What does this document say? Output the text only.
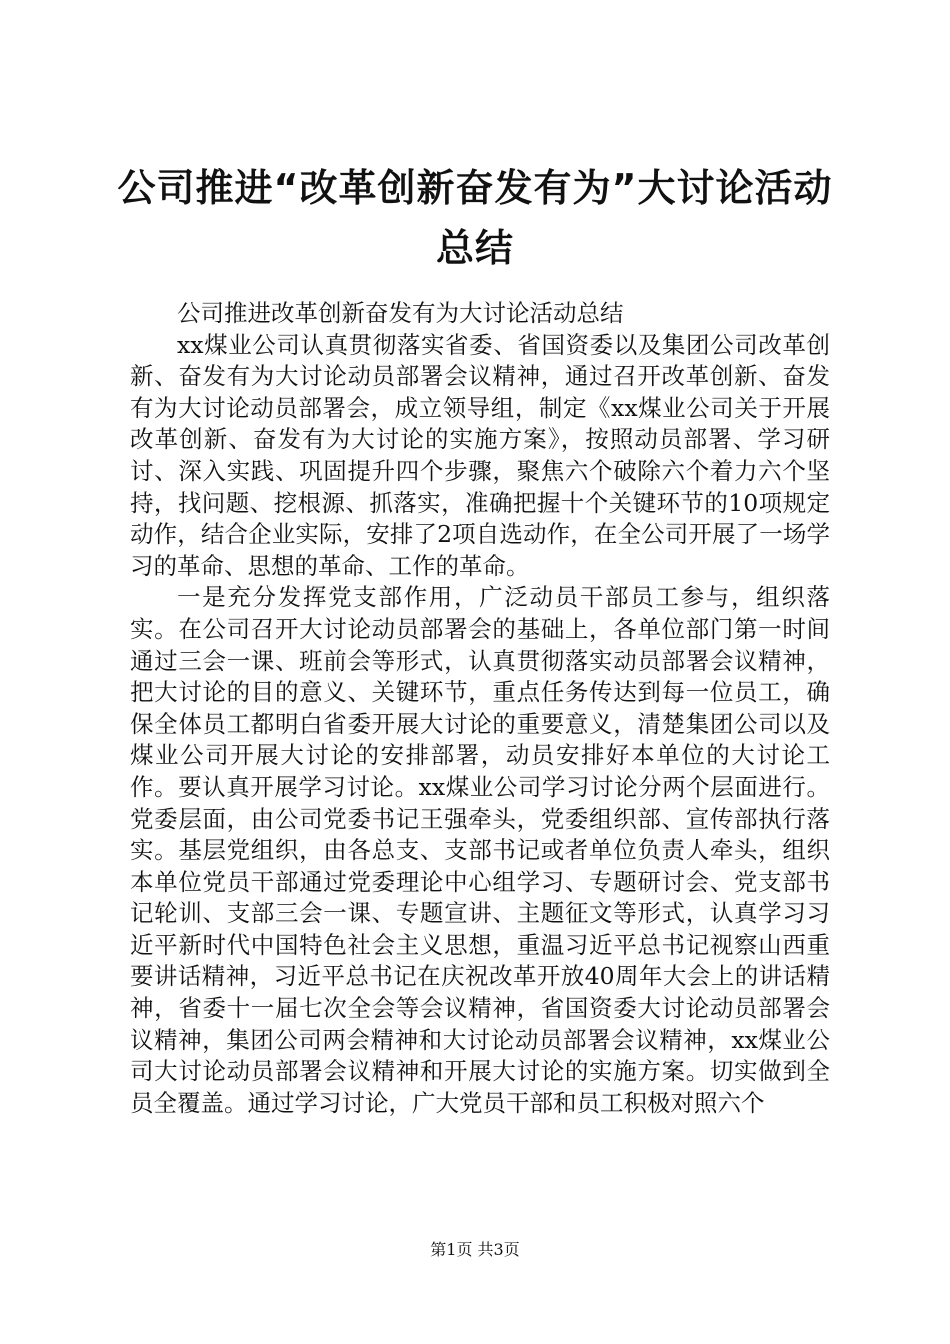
公司推进“改革创新奋发有为”大讨论活动总结

公司推进改革创新奋发有为大讨论活动总结

xx煤业公司认真贯彻落实省委、省国资委以及集团公司改革创新、奋发有为大讨论动员部署会议精神，通过召开改革创新、奋发有为大讨论动员部署会，成立领导组，制定《xx煤业公司关于开展改革创新、奋发有为大讨论的实施方案》，按照动员部署、学习研讨、深入实践、巩固提升四个步骤，聚焦六个破除六个着力六个坚持，找问题、挖根源、抓落实，准确把握十个关键环节的10项规定动作，结合企业实际，安排了2项自选动作，在全公司开展了一场学习的革命、思想的革命、工作的革命。

一是充分发挥党支部作用，广泛动员干部员工参与，组织落实。在公司召开大讨论动员部署会的基础上，各单位部门第一时间通过三会一课、班前会等形式，认真贯彻落实动员部署会议精神，把大讨论的目的意义、关键环节，重点任务传达到每一位员工，确保全体员工都明白省委开展大讨论的重要意义，清楚集团公司以及煤业公司开展大讨论的安排部署，动员安排好本单位的大讨论工作。要认真开展学习讨论。xx煤业公司学习讨论分两个层面进行。党委层面，由公司党委书记王强牵头，党委组织部、宣传部执行落实。基层党组织，由各总支、支部书记或者单位负责人牵头，组织本单位党员干部通过党委理论中心组学习、专题研讨会、党支部书记轮训、支部三会一课、专题宣讲、主题征文等形式，认真学习习近平新时代中国特色社会主义思想，重温习近平总书记视察山西重要讲话精神，习近平总书记在庆祝改革开放40周年大会上的讲话精神，省委十一届七次全会等会议精神，省国资委大讨论动员部署会议精神，集团公司两会精神和大讨论动员部署会议精神，xx煤业公司大讨论动员部署会议精神和开展大讨论的实施方案。切实做到全员全覆盖。通过学习讨论，广大党员干部和员工积极对照六个

第1页 共3页
